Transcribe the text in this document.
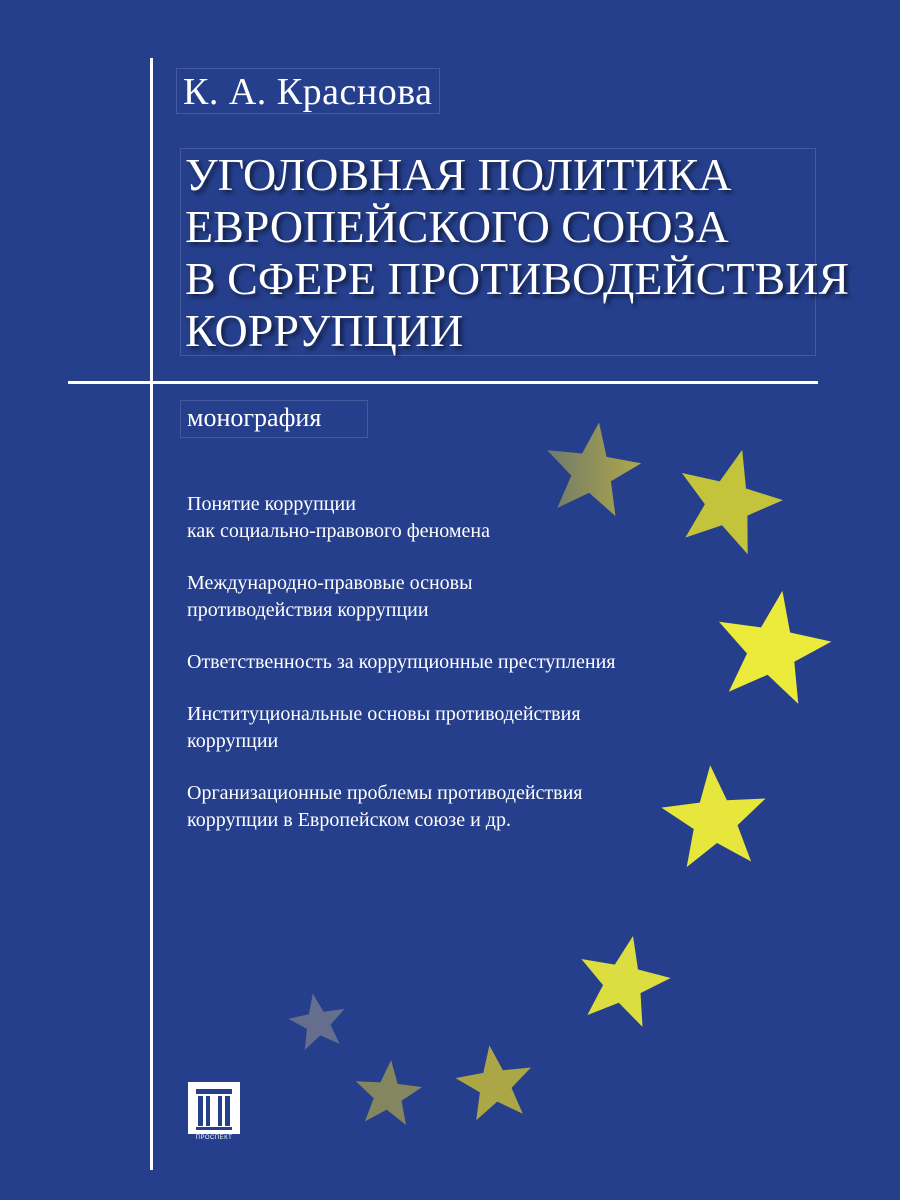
К. А. Краснова
УГОЛОВНАЯ ПОЛИТИКА
ЕВРОПЕЙСКОГО СОЮЗА
В СФЕРЕ ПРОТИВОДЕЙСТВИЯ
КОРРУПЦИИ
монография
Понятие коррупции
как социально-правового феномена
Международно-правовые основы
противодействия коррупции
Ответственность за коррупционные преступления
Институциональные основы противодействия
коррупции
Организационные проблемы противодействия
коррупции в Европейском союзе и др.
ПРОСПЕКТ
